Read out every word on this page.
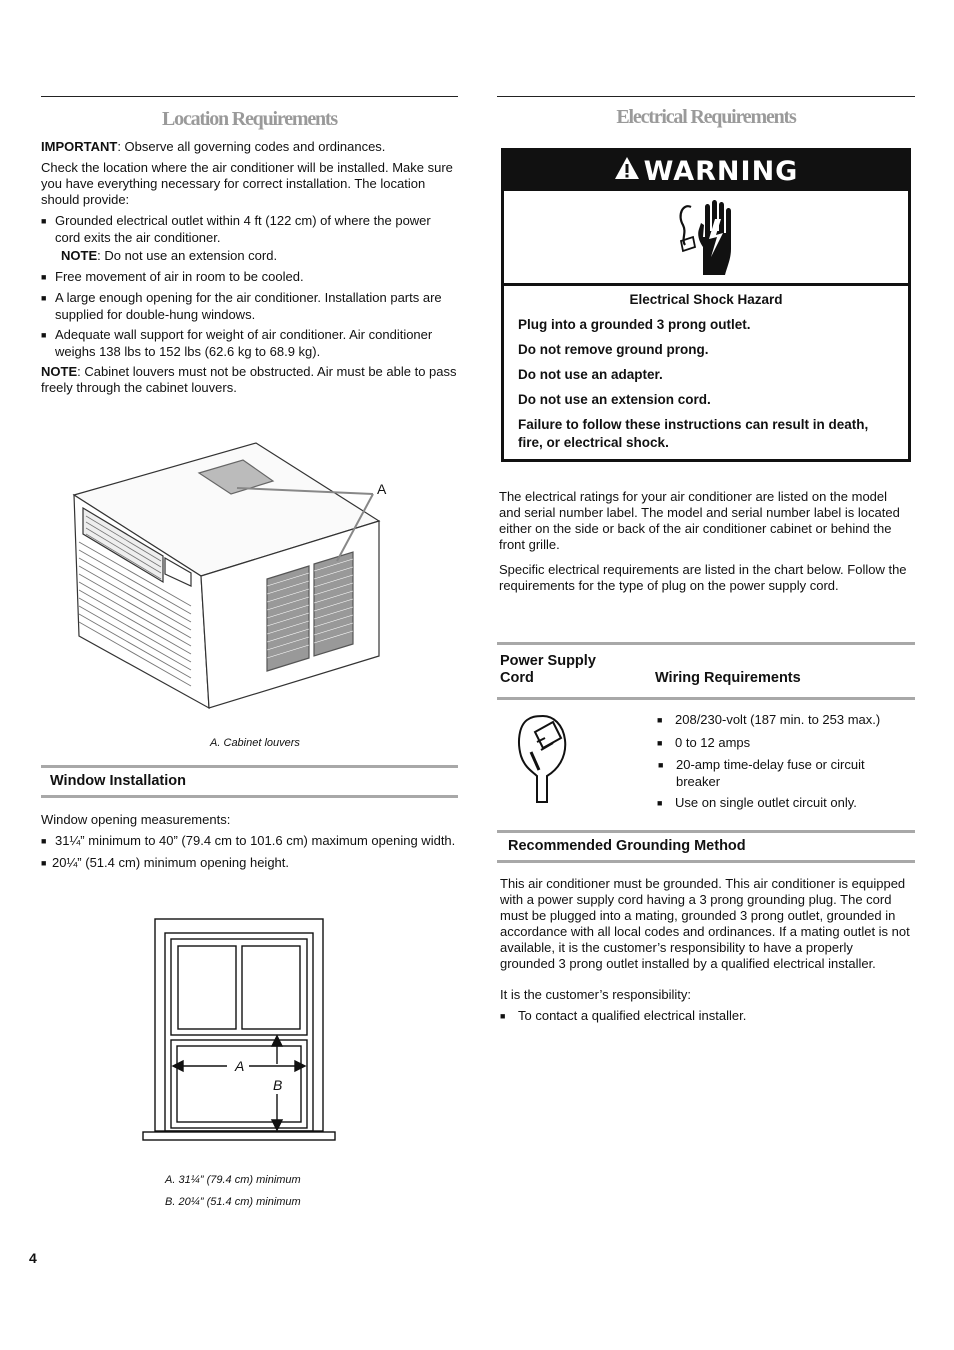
Location Requirements

IMPORTANT: Observe all governing codes and ordinances.

Check the location where the air conditioner will be installed. Make sure you have everything necessary for correct installation. The location should provide:

■ Grounded electrical outlet within 4 ft (122 cm) of where the power cord exits the air conditioner.
NOTE: Do not use an extension cord.
■ Free movement of air in room to be cooled.
■ A large enough opening for the air conditioner. Installation parts are supplied for double-hung windows.
■ Adequate wall support for weight of air conditioner. Air conditioner weighs 138 lbs to 152 lbs (62.6 kg to 68.9 kg).

NOTE: Cabinet louvers must not be obstructed. Air must be able to pass freely through the cabinet louvers.

A
A. Cabinet louvers
Window Installation

Window opening measurements:

■ 31¼” minimum to 40” (79.4 cm to 101.6 cm) maximum opening width.
■ 20¼” (51.4 cm) minimum opening height.
A
B
A. 31¼” (79.4 cm) minimum
B. 20¼” (51.4 cm) minimum
Electrical Requirements
WARNING
Electrical Shock Hazard
Plug into a grounded 3 prong outlet.
Do not remove ground prong.
Do not use an adapter.
Do not use an extension cord.
Failure to follow these instructions can result in death, fire, or electrical shock.

The electrical ratings for your air conditioner are listed on the model and serial number label. The model and serial number label is located either on the side or back of the air conditioner cabinet or behind the front grille.

Specific electrical requirements are listed in the chart below. Follow the requirements for the type of plug on the power supply cord.

Power Supply Cord	Wiring Requirements
■ 208/230-volt (187 min. to 253 max.)
■ 0 to 12 amps
■ 20-amp time-delay fuse or circuit breaker
■ Use on single outlet circuit only.
Recommended Grounding Method

This air conditioner must be grounded. This air conditioner is equipped with a power supply cord having a 3 prong grounding plug. The cord must be plugged into a mating, grounded 3 prong outlet, grounded in accordance with all local codes and ordinances. If a mating outlet is not available, it is the customer’s responsibility to have a properly grounded 3 prong outlet installed by a qualified electrical installer.

It is the customer’s responsibility:

■ To contact a qualified electrical installer.
4
